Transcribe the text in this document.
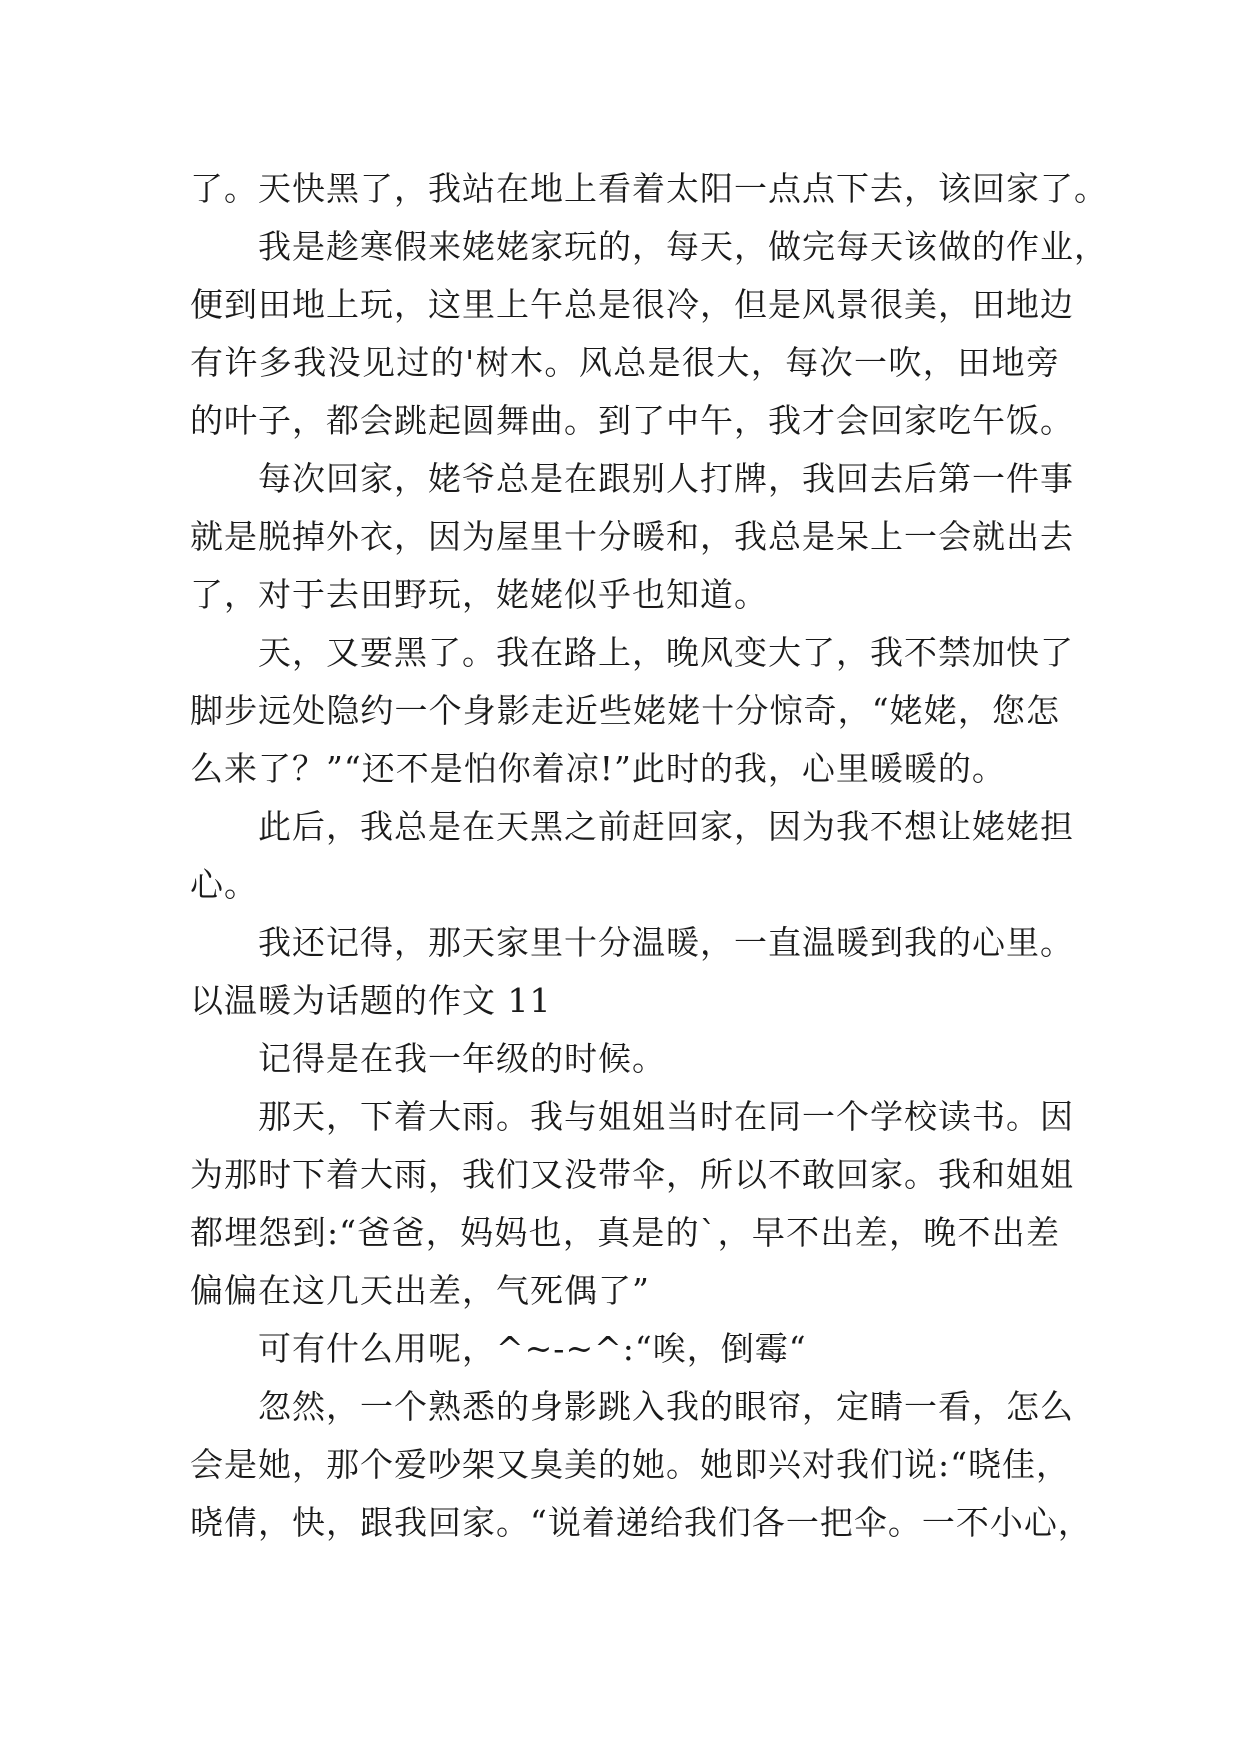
了。天快黑了，我站在地上看着太阳一点点下去，该回家了。
我是趁寒假来姥姥家玩的，每天，做完每天该做的作业，
便到田地上玩，这里上午总是很冷，但是风景很美，田地边
有许多我没见过的'树木。风总是很大，每次一吹，田地旁
的叶子，都会跳起圆舞曲。到了中午，我才会回家吃午饭。
每次回家，姥爷总是在跟别人打牌，我回去后第一件事
就是脱掉外衣，因为屋里十分暖和，我总是呆上一会就出去
了，对于去田野玩，姥姥似乎也知道。
天，又要黑了。我在路上，晚风变大了，我不禁加快了
脚步远处隐约一个身影走近些姥姥十分惊奇，“姥姥，您怎
么来了？”“还不是怕你着凉!”此时的我，心里暖暖的。
此后，我总是在天黑之前赶回家，因为我不想让姥姥担
心。
我还记得，那天家里十分温暖，一直温暖到我的心里。
以温暖为话题的作文 11
记得是在我一年级的时候。
那天，下着大雨。我与姐姐当时在同一个学校读书。因
为那时下着大雨，我们又没带伞，所以不敢回家。我和姐姐
都埋怨到:“爸爸，妈妈也，真是的`，早不出差，晚不出差
偏偏在这几天出差，气死偶了”
可有什么用呢，^~-~^:“唉，倒霉“
忽然，一个熟悉的身影跳入我的眼帘，定睛一看，怎么
会是她，那个爱吵架又臭美的她。她即兴对我们说:“晓佳，
晓倩，快，跟我回家。“说着递给我们各一把伞。一不小心，
